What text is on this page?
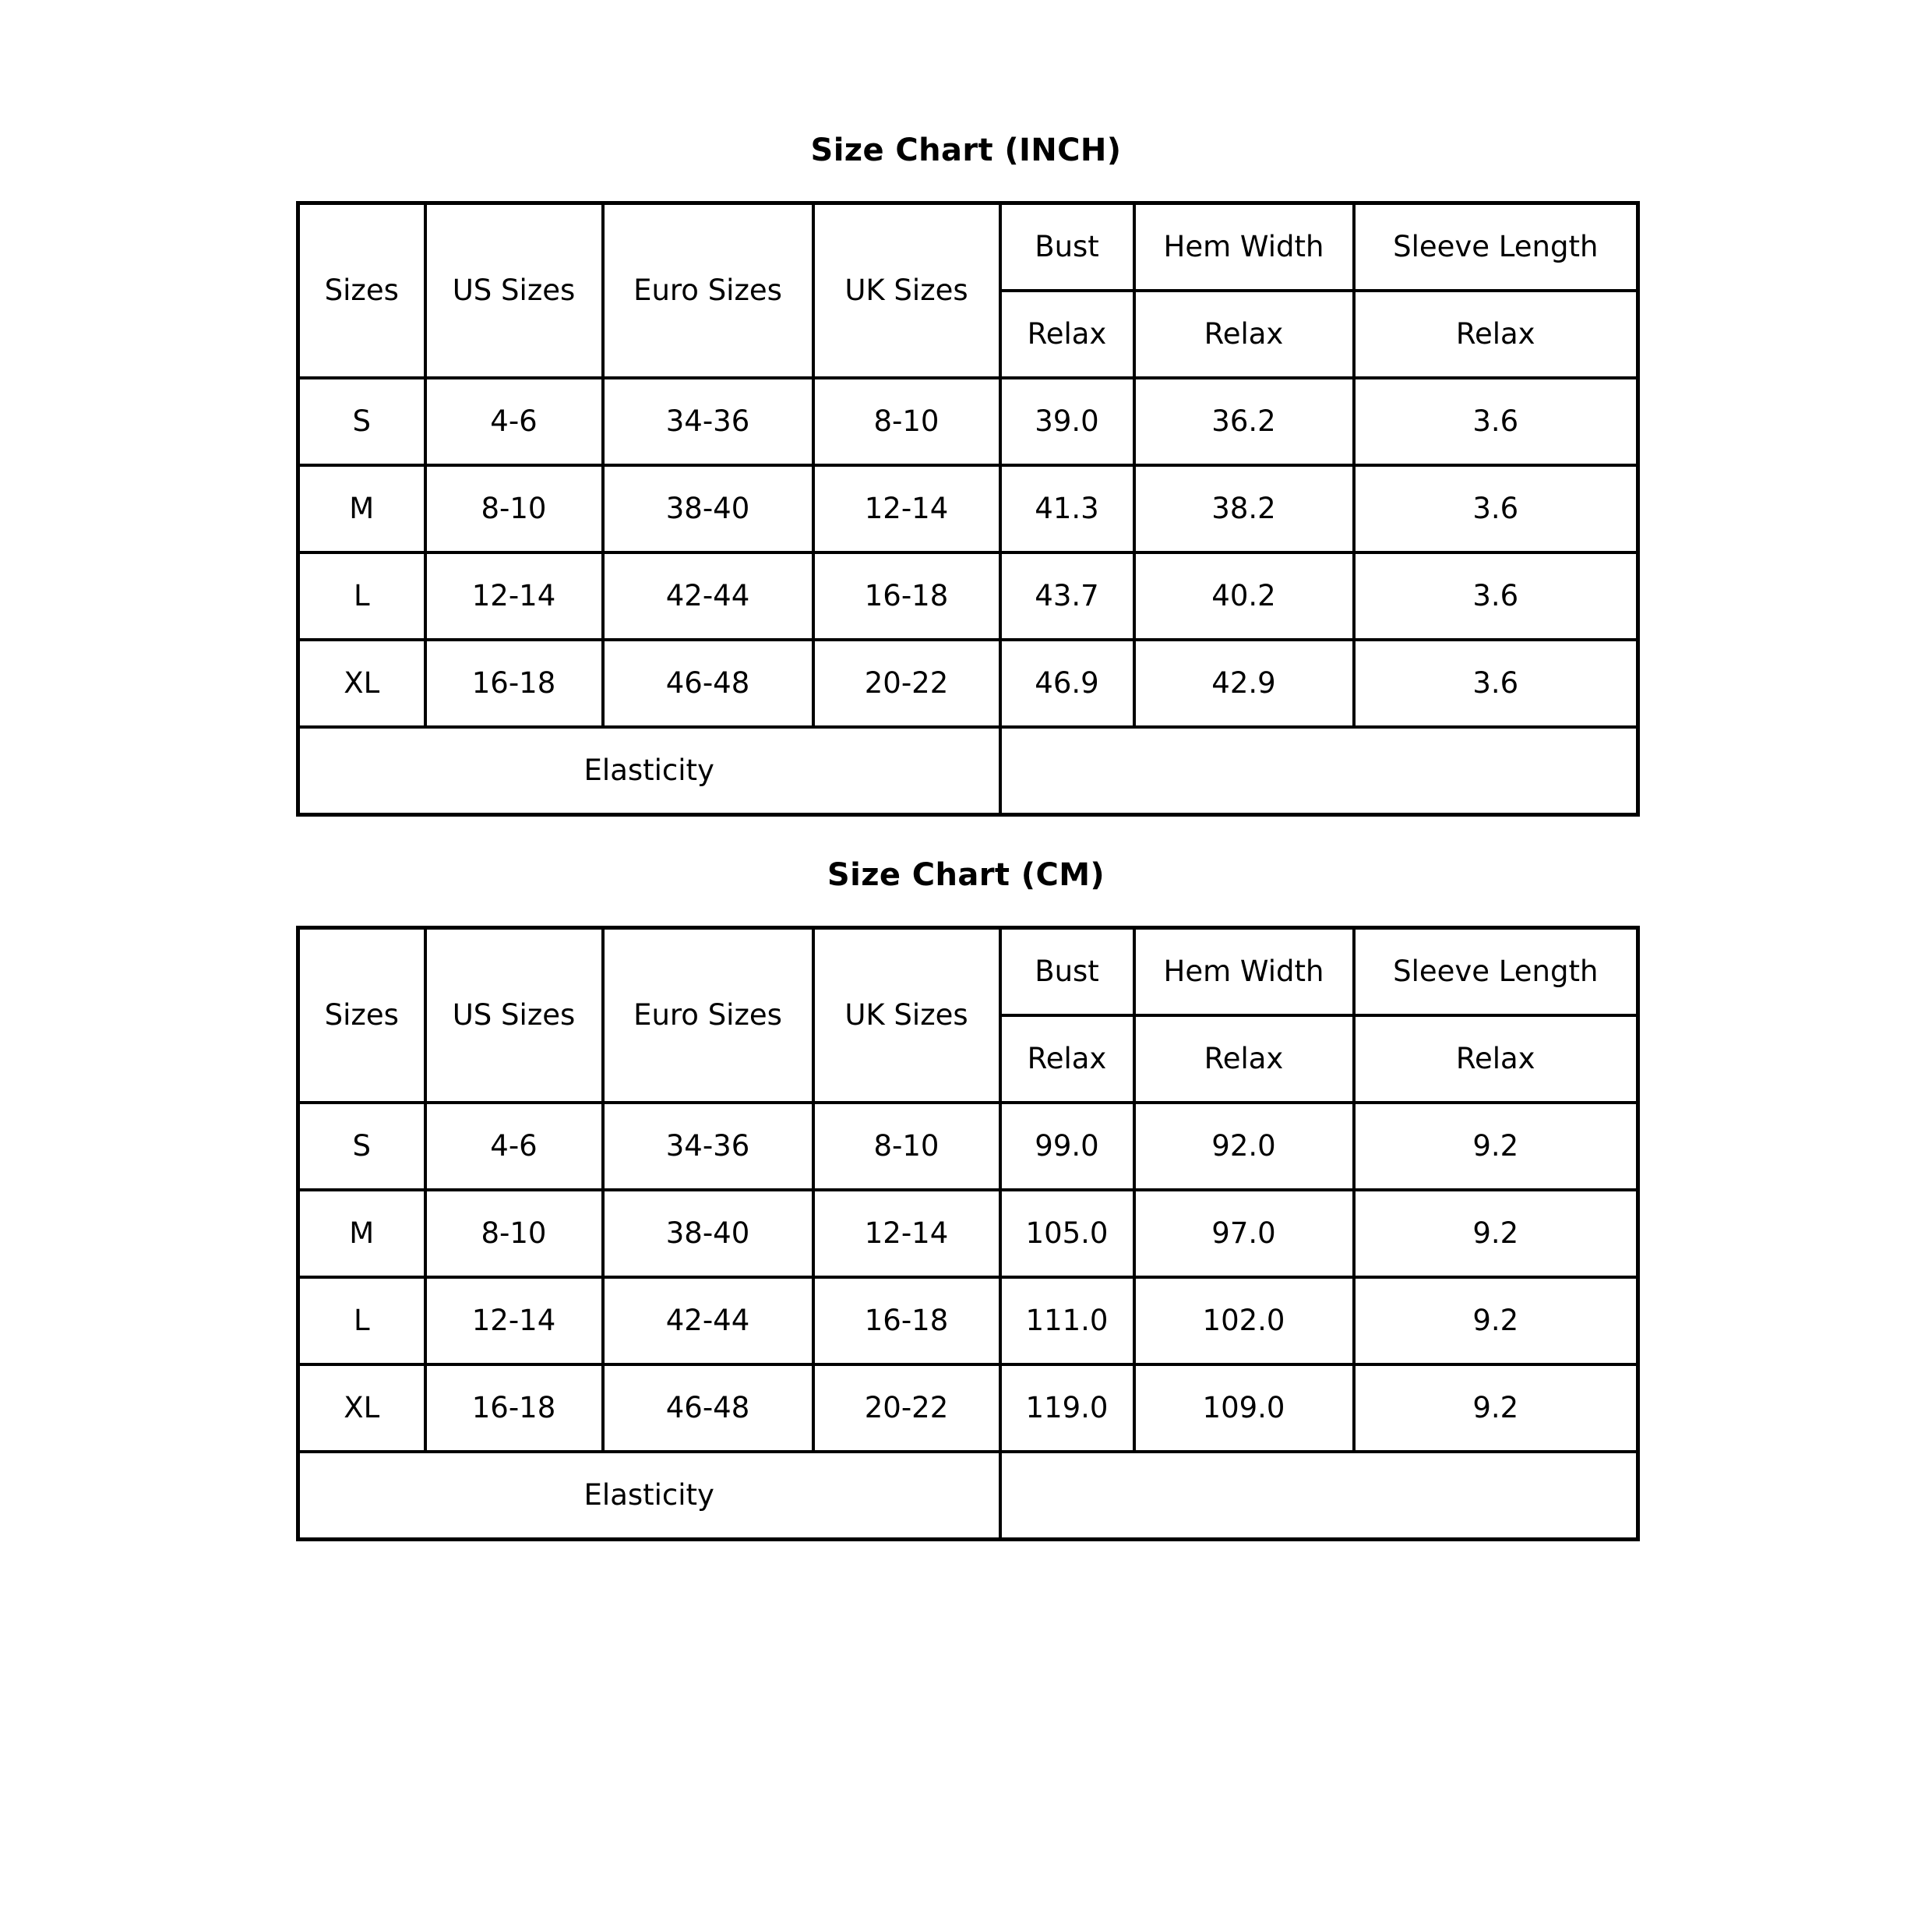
Size Chart (INCH)
Sizes	US Sizes	Euro Sizes	UK Sizes	Bust	Hem Width	Sleeve Length
				Relax	Relax	Relax
S	4-6	34-36	8-10	39.0	36.2	3.6
M	8-10	38-40	12-14	41.3	38.2	3.6
L	12-14	42-44	16-18	43.7	40.2	3.6
XL	16-18	46-48	20-22	46.9	42.9	3.6
Elasticity						
Size Chart (CM)
Sizes	US Sizes	Euro Sizes	UK Sizes	Bust	Hem Width	Sleeve Length
				Relax	Relax	Relax
S	4-6	34-36	8-10	99.0	92.0	9.2
M	8-10	38-40	12-14	105.0	97.0	9.2
L	12-14	42-44	16-18	111.0	102.0	9.2
XL	16-18	46-48	20-22	119.0	109.0	9.2
Elasticity						
